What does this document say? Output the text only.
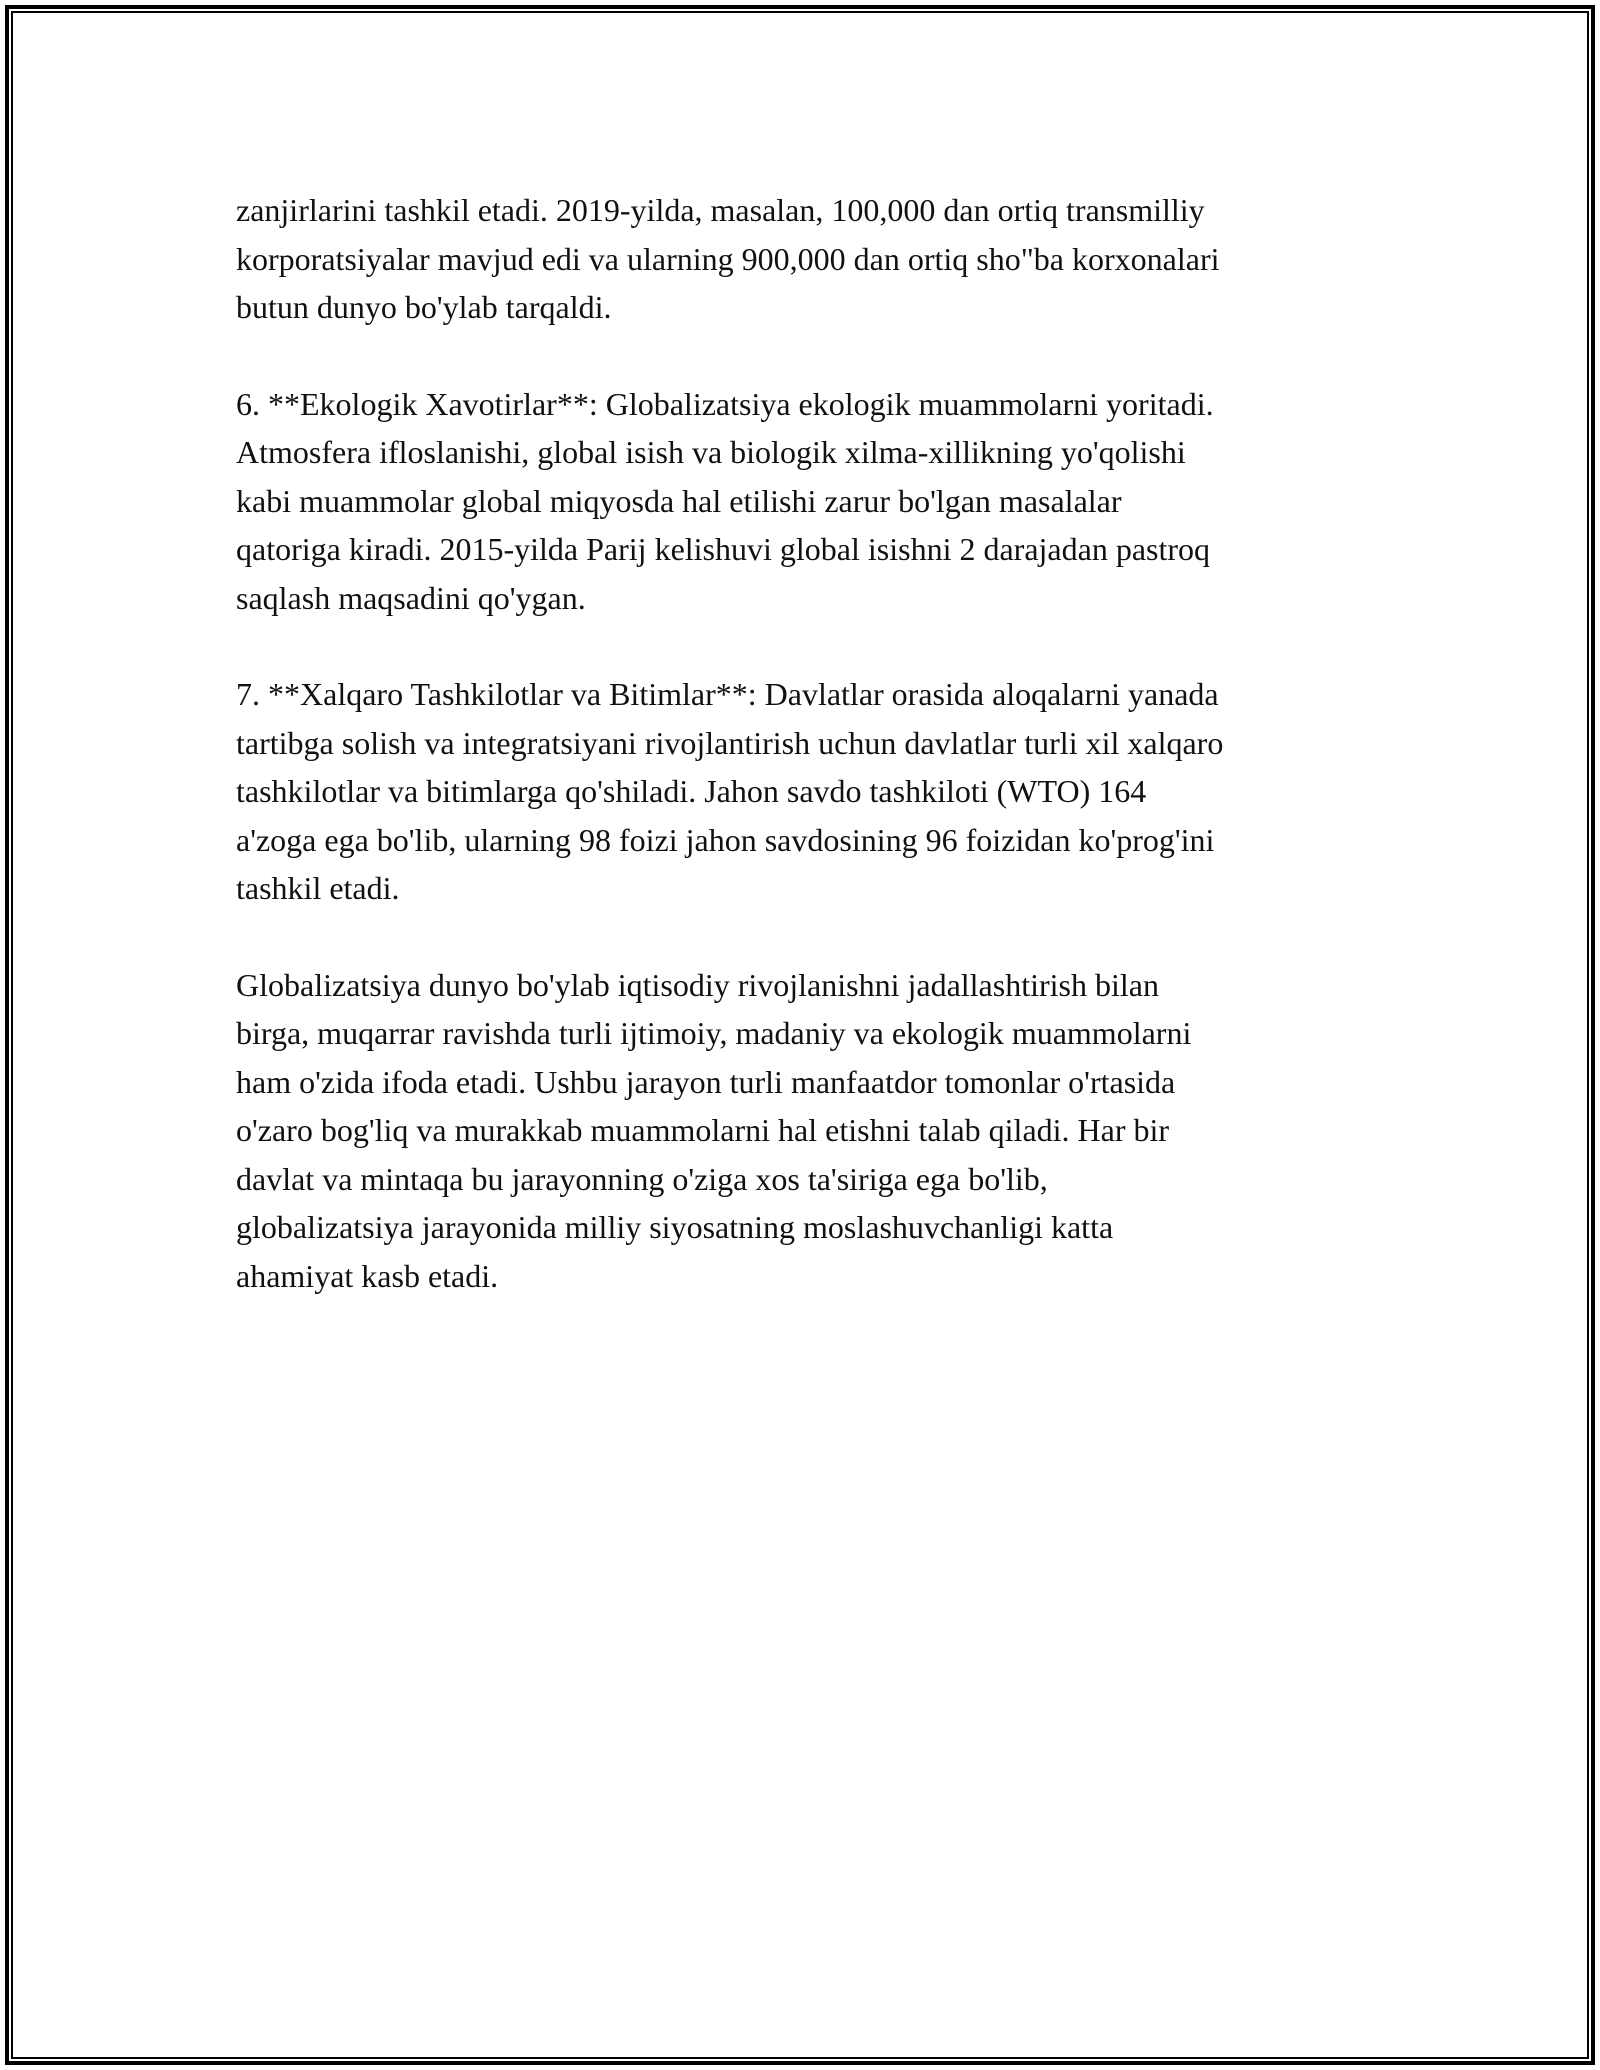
zanjirlarini tashkil etadi. 2019-yilda, masalan, 100,000 dan ortiq transmilliy
korporatsiyalar mavjud edi va ularning 900,000 dan ortiq sho"ba korxonalari
butun dunyo bo'ylab tarqaldi.

6. **Ekologik Xavotirlar**: Globalizatsiya ekologik muammolarni yoritadi.
Atmosfera ifloslanishi, global isish va biologik xilma-xillikning yo'qolishi
kabi muammolar global miqyosda hal etilishi zarur bo'lgan masalalar
qatoriga kiradi. 2015-yilda Parij kelishuvi global isishni 2 darajadan pastroq
saqlash maqsadini qo'ygan.

7. **Xalqaro Tashkilotlar va Bitimlar**: Davlatlar orasida aloqalarni yanada
tartibga solish va integratsiyani rivojlantirish uchun davlatlar turli xil xalqaro
tashkilotlar va bitimlarga qo'shiladi. Jahon savdo tashkiloti (WTO) 164
a'zoga ega bo'lib, ularning 98 foizi jahon savdosining 96 foizidan ko'prog'ini
tashkil etadi.

Globalizatsiya dunyo bo'ylab iqtisodiy rivojlanishni jadallashtirish bilan
birga, muqarrar ravishda turli ijtimoiy, madaniy va ekologik muammolarni
ham o'zida ifoda etadi. Ushbu jarayon turli manfaatdor tomonlar o'rtasida
o'zaro bog'liq va murakkab muammolarni hal etishni talab qiladi. Har bir
davlat va mintaqa bu jarayonning o'ziga xos ta'siriga ega bo'lib,
globalizatsiya jarayonida milliy siyosatning moslashuvchanligi katta
ahamiyat kasb etadi.
